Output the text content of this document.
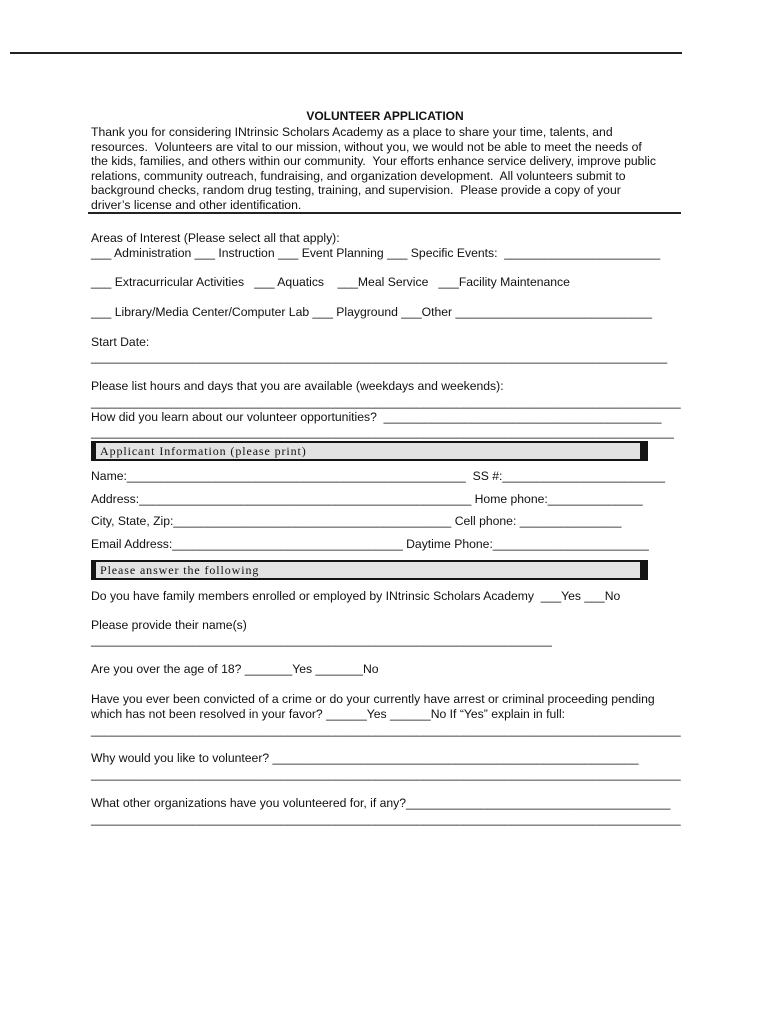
VOLUNTEER APPLICATION
Thank you for considering INtrinsic Scholars Academy as a place to share your time, talents, and
resources.  Volunteers are vital to our mission, without you, we would not be able to meet the needs of
the kids, families, and others within our community.  Your efforts enhance service delivery, improve public
relations, community outreach, fundraising, and organization development.  All volunteers submit to
background checks, random drug testing, training, and supervision.  Please provide a copy of your
driver’s license and other identification.
Areas of Interest (Please select all that apply):
___ Administration ___ Instruction ___ Event Planning ___ Specific Events:  _______________________
___ Extracurricular Activities   ___ Aquatics    ___Meal Service   ___Facility Maintenance
___ Library/Media Center/Computer Lab ___ Playground ___Other _____________________________
Start Date:
_____________________________________________________________________________________
Please list hours and days that you are available (weekdays and weekends):
_______________________________________________________________________________________
How did you learn about our volunteer opportunities?  _________________________________________
______________________________________________________________________________________
Applicant Information (please print)
Name:__________________________________________________  SS #:________________________
Address:_________________________________________________ Home phone:______________
City, State, Zip:_________________________________________ Cell phone: _______________
Email Address:__________________________________ Daytime Phone:_______________________
Please answer the following
Do you have family members enrolled or employed by INtrinsic Scholars Academy  ___Yes ___No
Please provide their name(s)
____________________________________________________________________
Are you over the age of 18? _______Yes _______No
Have you ever been convicted of a crime or do your currently have arrest or criminal proceeding pending
which has not been resolved in your favor? ______Yes ______No If “Yes” explain in full:
_______________________________________________________________________________________
Why would you like to volunteer? ______________________________________________________
_______________________________________________________________________________________
What other organizations have you volunteered for, if any?_______________________________________
_______________________________________________________________________________________
